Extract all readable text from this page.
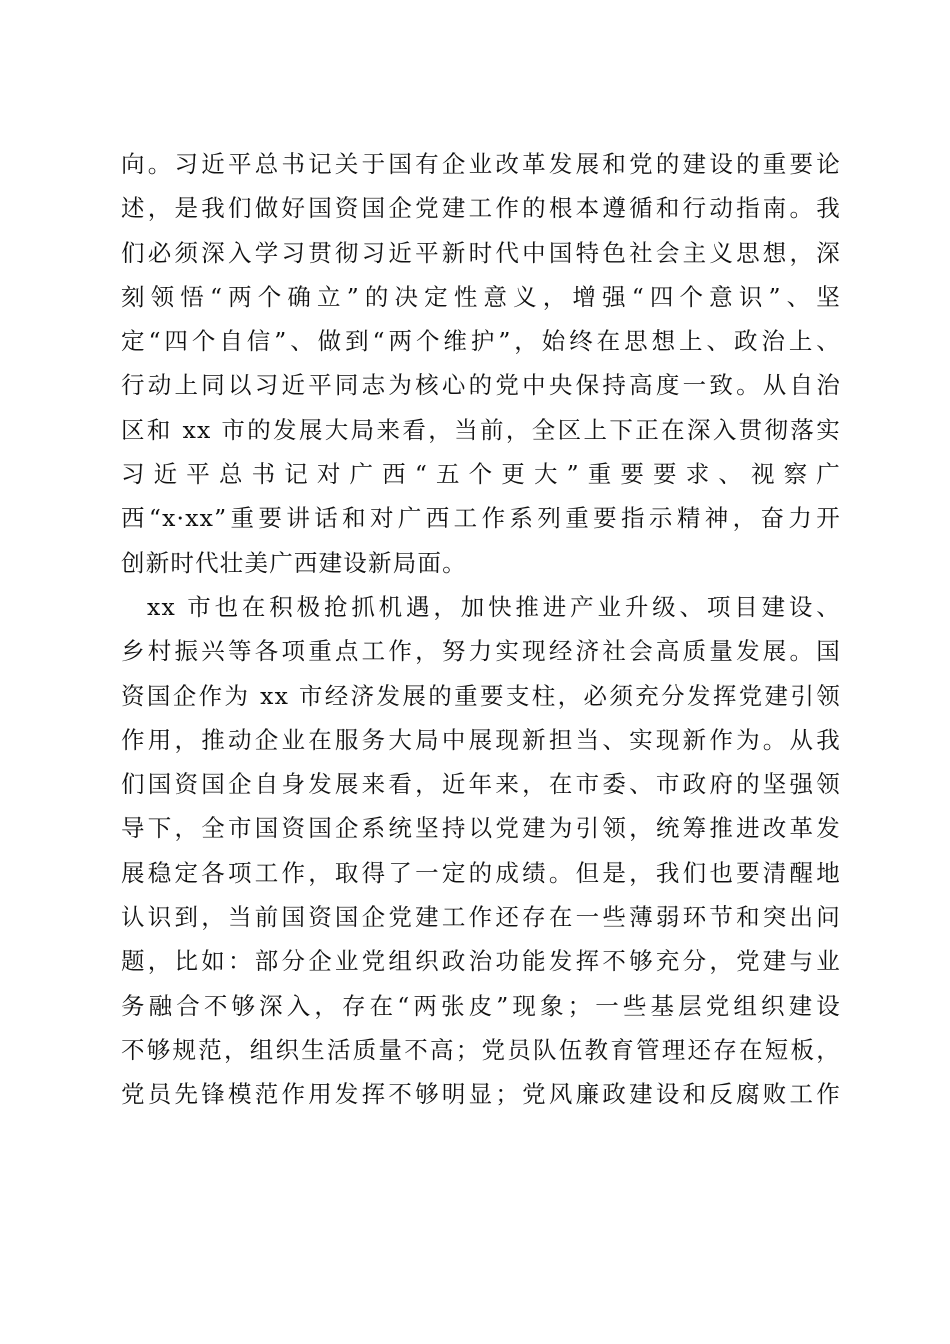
向。习近平总书记关于国有企业改革发展和党的建设的重要论
述，是我们做好国资国企党建工作的根本遵循和行动指南。我
们必须深入学习贯彻习近平新时代中国特色社会主义思想，深
刻领悟“两个确立”的决定性意义，增强“四个意识”、坚
定“四个自信”、做到“两个维护”，始终在思想上、政治上、
行动上同以习近平同志为核心的党中央保持高度一致。从自治
区和 xx 市的发展大局来看，当前，全区上下正在深入贯彻落实
习近平总书记对广西“五个更大”重要要求、视察广
西“x·xx”重要讲话和对广西工作系列重要指示精神，奋力开
创新时代壮美广西建设新局面。
xx 市也在积极抢抓机遇，加快推进产业升级、项目建设、
乡村振兴等各项重点工作，努力实现经济社会高质量发展。国
资国企作为 xx 市经济发展的重要支柱，必须充分发挥党建引领
作用，推动企业在服务大局中展现新担当、实现新作为。从我
们国资国企自身发展来看，近年来，在市委、市政府的坚强领
导下，全市国资国企系统坚持以党建为引领，统筹推进改革发
展稳定各项工作，取得了一定的成绩。但是，我们也要清醒地
认识到，当前国资国企党建工作还存在一些薄弱环节和突出问
题，比如：部分企业党组织政治功能发挥不够充分，党建与业
务融合不够深入，存在“两张皮”现象；一些基层党组织建设
不够规范，组织生活质量不高；党员队伍教育管理还存在短板，
党员先锋模范作用发挥不够明显；党风廉政建设和反腐败工作
